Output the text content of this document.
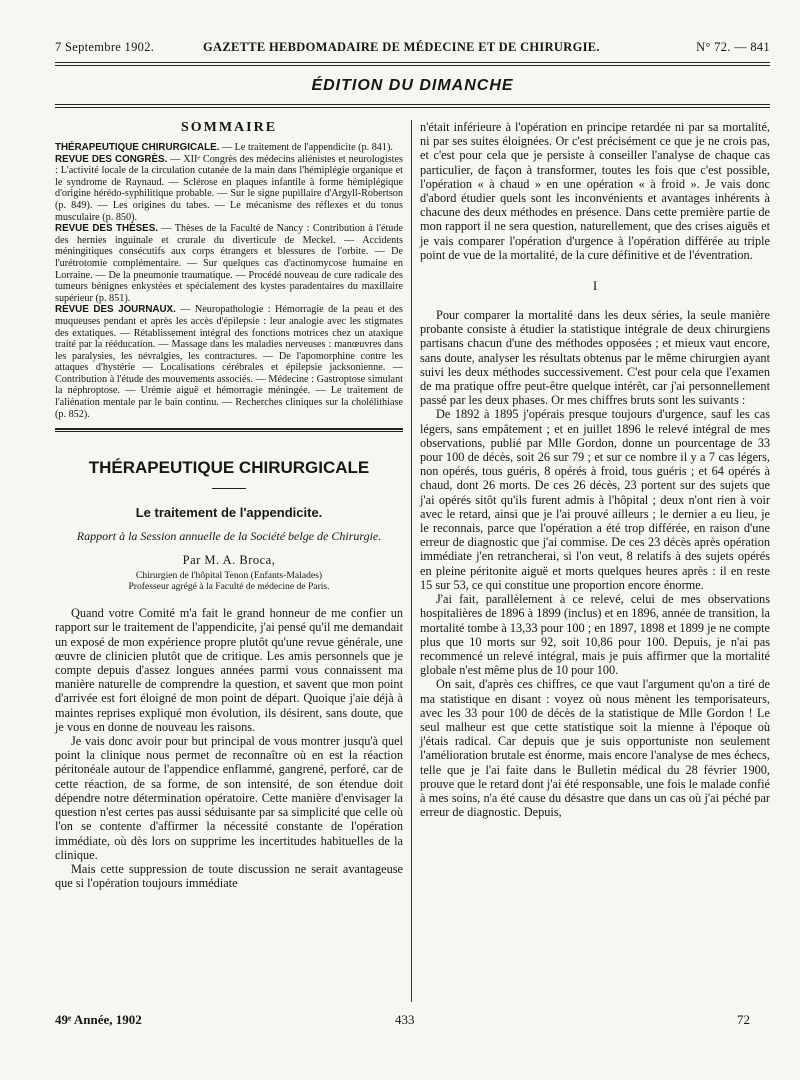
7 Septembre 1902.	GAZETTE HEBDOMADAIRE DE MÉDECINE ET DE CHIRURGIE.	N° 72. — 841
ÉDITION DU DIMANCHE
SOMMAIRE

THÉRAPEUTIQUE CHIRURGICALE. — Le traitement de l'appendicite (p. 841).

REVUE DES CONGRÈS. — XIIᵉ Congrès des médecins aliénistes et neurologistes : L'activité locale de la circulation cutanée de la main dans l'hémiplégie organique et le syndrome de Raynaud. — Sclérose en plaques infantile à forme hémiplégique d'origine hérédo-syphilitique probable. — Sur le signe pupillaire d'Argyll-Robertson (p. 849). — Les origines du tabes. — Le mécanisme des réflexes et du tonus musculaire (p. 850).

REVUE DES THÈSES. — Thèses de la Faculté de Nancy : Contribution à l'étude des hernies inguinale et crurale du diverticule de Meckel. — Accidents méningitiques consécutifs aux corps étrangers et blessures de l'orbite. — De l'urétrotomie complémentaire. — Sur quelques cas d'actinomycose humaine en Lorraine. — De la pneumonie traumatique. — Procédé nouveau de cure radicale des tumeurs bénignes enkystées et spécialement des kystes paradentaires du maxillaire supérieur (p. 851).

REVUE DES JOURNAUX. — Neuropathologie : Hémorragie de la peau et des muqueuses pendant et après les accès d'épilepsie : leur analogie avec les stigmates des extatiques. — Rétablissement intégral des fonctions motrices chez un ataxique traité par la rééducation. — Massage dans les maladies nerveuses : manœuvres dans les paralysies, les névralgies, les contractures. — De l'apomorphine contre les attaques d'hystérie — Localisations cérébrales et épilepsie jacksonienne. — Contribution à l'étude des mouvements associés. — Médecine : Gastroptose simulant la néphroptose. — Urémie aiguë et hémorragie méningée. — Le traitement de l'aliénation mentale par le bain continu. — Recherches cliniques sur la cholélithiase (p. 852).

THÉRAPEUTIQUE CHIRURGICALE
Le traitement de l'appendicite.
Rapport à la Session annuelle de la Société belge de Chirurgie.
Par M. A. Broca,
Chirurgien de l'hôpital Tenon (Enfants-Malades)
Professeur agrégé à la Faculté de médecine de Paris.

Quand votre Comité m'a fait le grand honneur de me confier un rapport sur le traitement de l'appendicite, j'ai pensé qu'il me demandait un exposé de mon expérience propre plutôt qu'une revue générale, une œuvre de clinicien plutôt que de critique. Les amis personnels que je compte depuis d'assez longues années parmi vous connaissent ma manière naturelle de comprendre la question, et savent que mon point d'arrivée est fort éloigné de mon point de départ. Quoique j'aie déjà à maintes reprises expliqué mon évolution, ils désirent, sans doute, que je vous en donne de nouveau les raisons.

Je vais donc avoir pour but principal de vous montrer jusqu'à quel point la clinique nous permet de reconnaître où en est la réaction péritonéale autour de l'appendice enflammé, gangrené, perforé, car de cette réaction, de sa forme, de son intensité, de son étendue doit dépendre notre détermination opératoire. Cette manière d'envisager la question n'est certes pas aussi séduisante par sa simplicité que celle où l'on se contente d'affirmer la nécessité constante de l'opération immédiate, où dès lors on supprime les incertitudes habituelles de la clinique.

Mais cette suppression de toute discussion ne serait avantageuse que si l'opération toujours immédiate

n'était inférieure à l'opération en principe retardée ni par sa mortalité, ni par ses suites éloignées. Or c'est précisément ce que je ne crois pas, et c'est pour cela que je persiste à conseiller l'analyse de chaque cas particulier, de façon à transformer, toutes les fois que c'est possible, l'opération « à chaud » en une opération « à froid ». Je vais donc d'abord étudier quels sont les inconvénients et avantages inhérents à chacune des deux méthodes en présence. Dans cette première partie de mon rapport il ne sera question, naturellement, que des crises aiguës et je vais comparer l'opération d'urgence à l'opération différée au triple point de vue de la mortalité, de la cure définitive et de l'éventration.

I

Pour comparer la mortalité dans les deux séries, la seule manière probante consiste à étudier la statistique intégrale de deux chirurgiens partisans chacun d'une des méthodes opposées ; et mieux vaut encore, sans doute, analyser les résultats obtenus par le même chirurgien ayant suivi les deux méthodes successivement. C'est pour cela que l'examen de ma pratique offre peut-être quelque intérêt, car j'ai personnellement passé par les deux phases. Or mes chiffres bruts sont les suivants :

De 1892 à 1895 j'opérais presque toujours d'urgence, sauf les cas légers, sans empâtement ; et en juillet 1896 le relevé intégral de mes observations, publié par Mlle Gordon, donne un pourcentage de 33 pour 100 de décès, soit 26 sur 79 ; et sur ce nombre il y a 7 cas légers, non opérés, tous guéris, 8 opérés à froid, tous guéris ; et 64 opérés à chaud, dont 26 morts. De ces 26 décès, 23 portent sur des sujets que j'ai opérés sitôt qu'ils furent admis à l'hôpital ; deux n'ont rien à voir avec le retard, ainsi que je l'ai prouvé ailleurs ; le dernier a eu lieu, je le reconnais, parce que l'opération a été trop différée, en raison d'une erreur de diagnostic que j'ai commise. De ces 23 décès après opération immédiate j'en retrancherai, si l'on veut, 8 relatifs à des sujets opérés en pleine péritonite aiguë et morts quelques heures après : il en reste 15 sur 53, ce qui constitue une proportion encore énorme.

J'ai fait, parallèlement à ce relevé, celui de mes observations hospitalières de 1896 à 1899 (inclus) et en 1896, année de transition, la mortalité tombe à 13,33 pour 100 ; en 1897, 1898 et 1899 je ne compte plus que 10 morts sur 92, soit 10,86 pour 100. Depuis, je n'ai pas recommencé un relevé intégral, mais je puis affirmer que la mortalité globale n'est même plus de 10 pour 100.

On sait, d'après ces chiffres, ce que vaut l'argument qu'on a tiré de ma statistique en disant : voyez où nous mènent les temporisateurs, avec les 33 pour 100 de décès de la statistique de Mlle Gordon ! Le seul malheur est que cette statistique soit la mienne à l'époque où j'étais radical. Car depuis que je suis opportuniste non seulement l'amélioration brutale est énorme, mais encore l'analyse de mes échecs, telle que je l'ai faite dans le Bulletin médical du 28 février 1900, prouve que le retard dont j'ai été responsable, une fois le malade confié à mes soins, n'a été cause du désastre que dans un cas où j'ai péché par erreur de diagnostic. Depuis,

49ᵉ Année, 1902	433	72
